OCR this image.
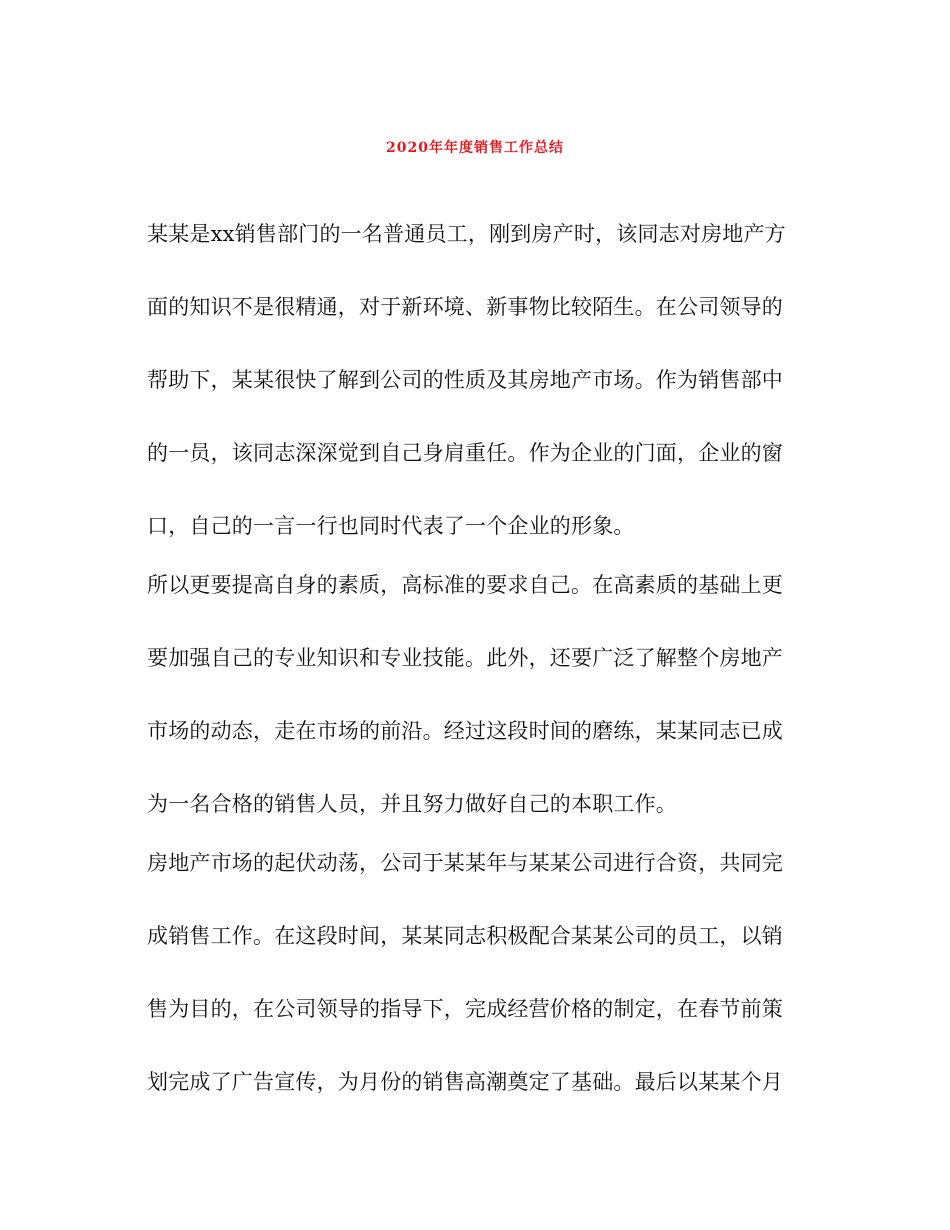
2020年年度销售工作总结
某某是xx销售部门的一名普通员工，刚到房产时，该同志对房地产方
面的知识不是很精通，对于新环境、新事物比较陌生。在公司领导的
帮助下，某某很快了解到公司的性质及其房地产市场。作为销售部中
的一员，该同志深深觉到自己身肩重任。作为企业的门面，企业的窗
口，自己的一言一行也同时代表了一个企业的形象。
所以更要提高自身的素质，高标准的要求自己。在高素质的基础上更
要加强自己的专业知识和专业技能。此外，还要广泛了解整个房地产
市场的动态，走在市场的前沿。经过这段时间的磨练，某某同志已成
为一名合格的销售人员，并且努力做好自己的本职工作。
房地产市场的起伏动荡，公司于某某年与某某公司进行合资，共同完
成销售工作。在这段时间，某某同志积极配合某某公司的员工，以销
售为目的，在公司领导的指导下，完成经营价格的制定，在春节前策
划完成了广告宣传，为月份的销售高潮奠定了基础。最后以某某个月
